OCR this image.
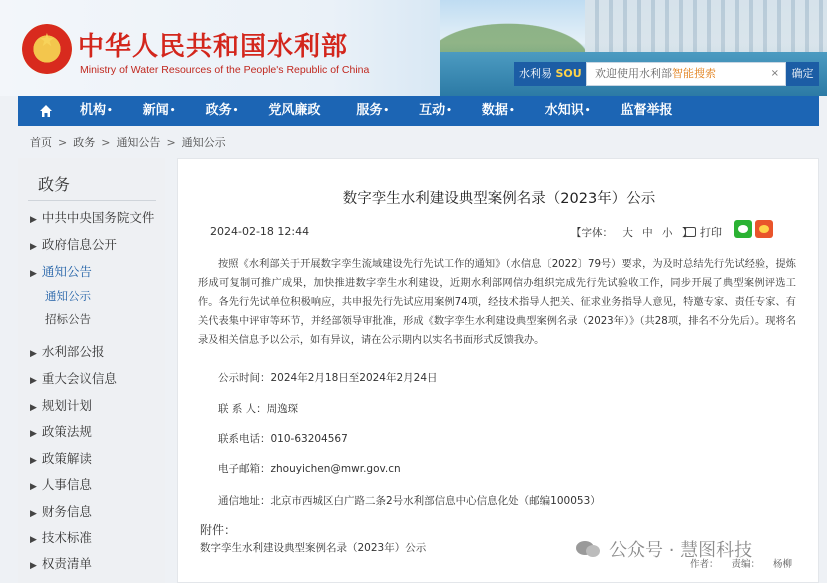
★ 中华人民共和国水利部
Ministry of Water Resources of the People's Republic of China	水利易 SOU	欢迎使用水利部智能搜索	×	确定
机构• 新闻• 政务• 党风廉政	服务• 互动• 数据• 水知识• 监督举报
首页 > 政务 > 通知公告 > 通知公示
政务
▶ 中共中央国务院文件
▶ 政府信息公开
▶ 通知公告
通知公示
招标公告
▶ 水利部公报
▶ 重大会议信息
▶ 规划计划
▶ 政策法规
▶ 政策解读
▶ 人事信息
▶ 财务信息
▶ 技术标准
▶ 权责清单
数字孪生水利建设典型案例名录（2023年）公示
2024-02-18 12:44	【字体： 大 中 小 】 打印
按照《水利部关于开展数字孪生流域建设先行先试工作的通知》（水信息〔2022〕79号）要求，为及时总结先行先试经验，提炼形成可复制可推广成果，加快推进数字孪生水利建设，近期水利部网信办组织完成先行先试验收工作，同步开展了典型案例评选工作。各先行先试单位积极响应，共申报先行先试应用案例74项，经技术指导人把关、征求业务指导人意见，特邀专家、责任专家、有关代表集中评审等环节，并经部领导审批准，形成《数字孪生水利建设典型案例名录（2023年）》（共28项，排名不分先后）。现将名录及相关信息予以公示，如有异议，请在公示期内以实名书面形式反馈我办。
公示时间：2024年2月18日至2024年2月24日
联 系 人：周逸琛
联系电话：010-63204567
电子邮箱：zhouyichen@mwr.gov.cn
通信地址：北京市西城区白广路二条2号水利部信息中心信息化处（邮编100053）
附件：
数字孪生水利建设典型案例名录（2023年）公示	公众号 · 慧图科技
作者： 责编： 杨柳
